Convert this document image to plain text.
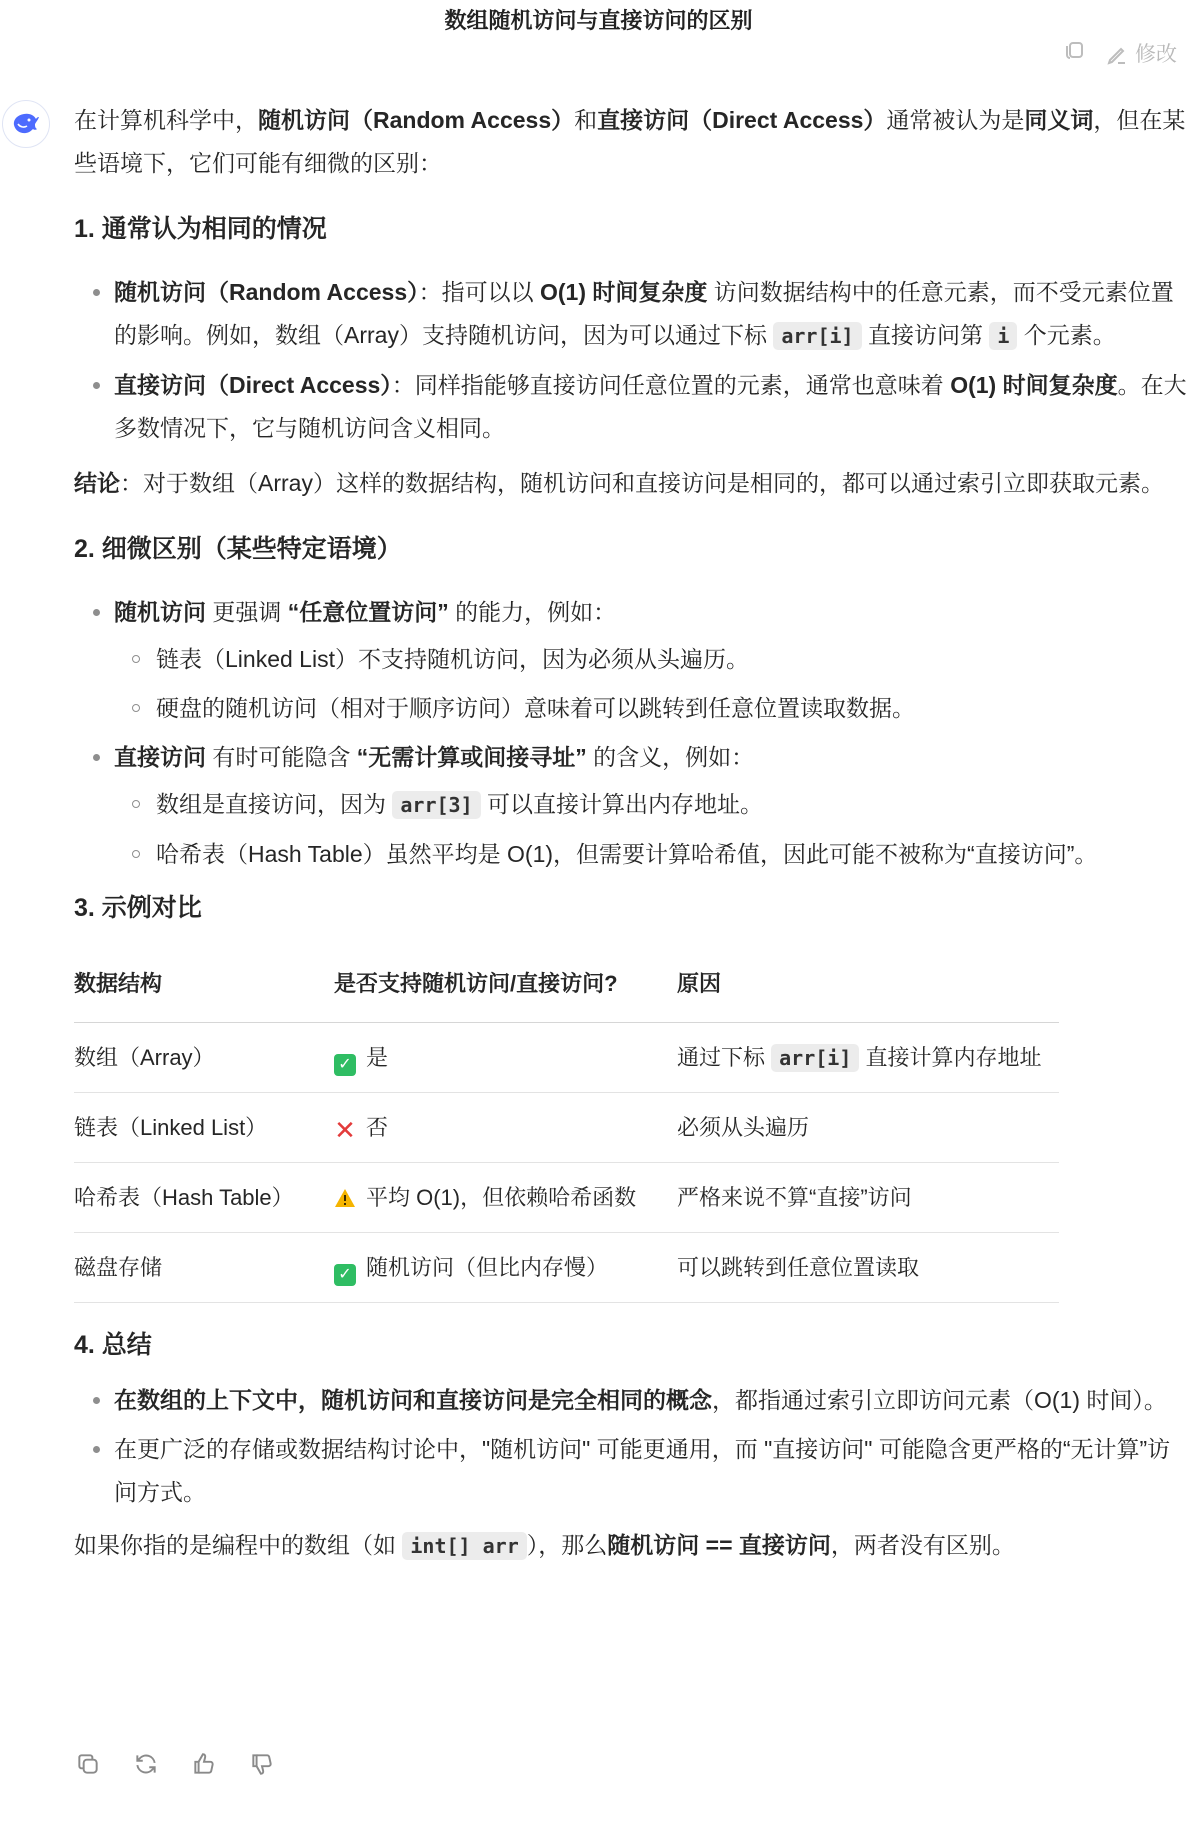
数组随机访问与直接访问的区别
修改

在计算机科学中，随机访问（Random Access）和直接访问（Direct Access）通常被认为是同义词，但在某些语境下，它们可能有细微的区别：

1. 通常认为相同的情况
随机访问（Random Access）：指可以以 O(1) 时间复杂度 访问数据结构中的任意元素，而不受元素位置的影响。例如，数组（Array）支持随机访问，因为可以通过下标 arr[i] 直接访问第 i 个元素。
直接访问（Direct Access）：同样指能够直接访问任意位置的元素，通常也意味着 O(1) 时间复杂度。在大多数情况下，它与随机访问含义相同。

结论：对于数组（Array）这样的数据结构，随机访问和直接访问是相同的，都可以通过索引立即获取元素。

2. 细微区别（某些特定语境）
随机访问 更强调 “任意位置访问” 的能力，例如：
链表（Linked List）不支持随机访问，因为必须从头遍历。
硬盘的随机访问（相对于顺序访问）意味着可以跳转到任意位置读取数据。
直接访问 有时可能隐含 “无需计算或间接寻址” 的含义，例如：
数组是直接访问，因为 arr[3] 可以直接计算出内存地址。
哈希表（Hash Table）虽然平均是 O(1)，但需要计算哈希值，因此可能不被称为“直接访问”。
3. 示例对比
数据结构	是否支持随机访问/直接访问?	原因
数组（Array）	✓ 是	通过下标 arr[i] 直接计算内存地址
链表（Linked List）	✕ 否	必须从头遍历
哈希表（Hash Table）	平均 O(1)，但依赖哈希函数	严格来说不算“直接”访问
磁盘存储	✓ 随机访问（但比内存慢）	可以跳转到任意位置读取
4. 总结
在数组的上下文中，随机访问和直接访问是完全相同的概念，都指通过索引立即访问元素（O(1) 时间）。
在更广泛的存储或数据结构讨论中，"随机访问" 可能更通用，而 "直接访问" 可能隐含更严格的“无计算”访问方式。

如果你指的是编程中的数组（如 int[] arr ），那么随机访问 == 直接访问，两者没有区别。
